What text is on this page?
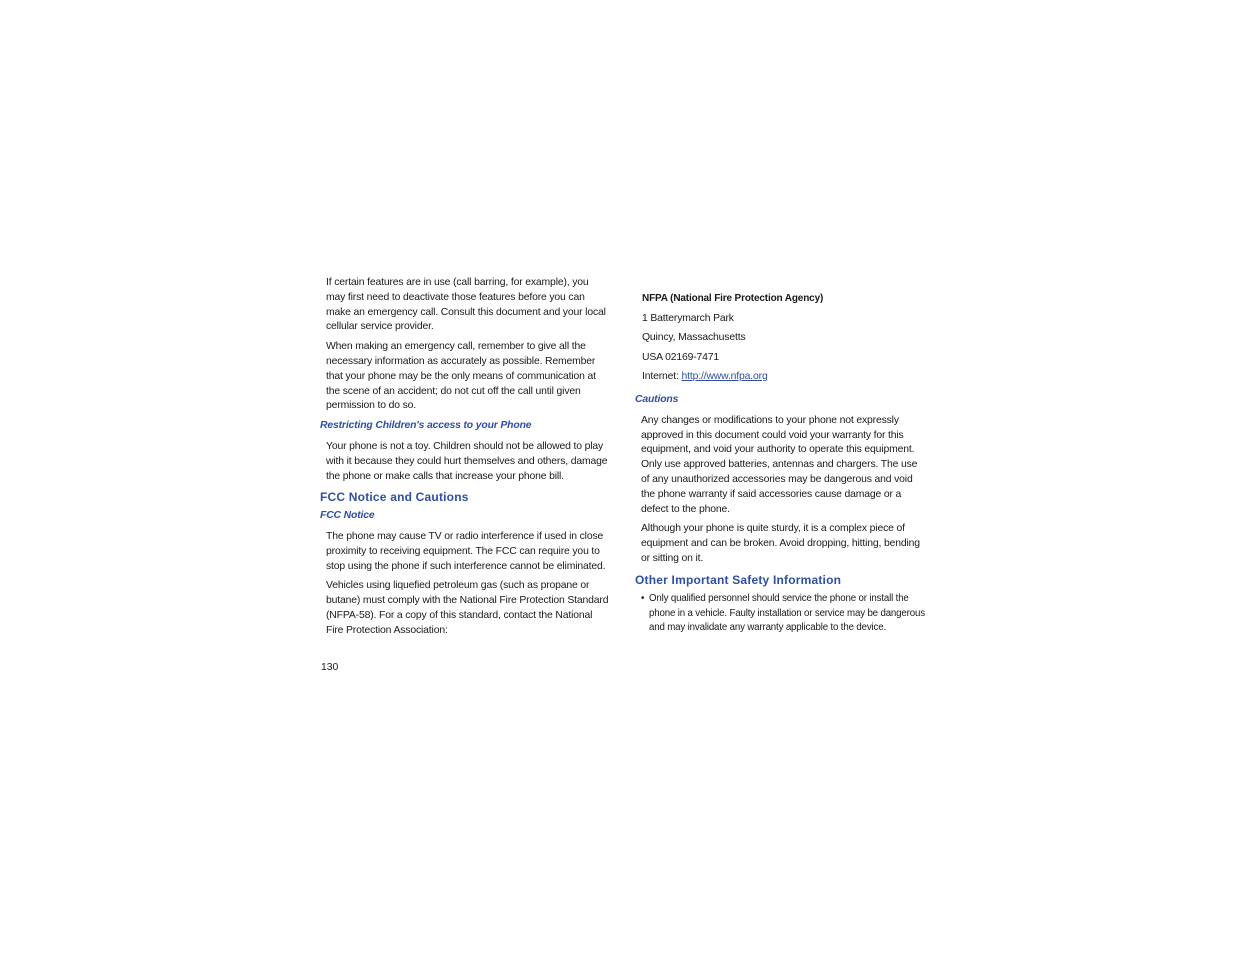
If certain features are in use (call barring, for example), you may first need to deactivate those features before you can make an emergency call. Consult this document and your local cellular service provider.

When making an emergency call, remember to give all the necessary information as accurately as possible. Remember that your phone may be the only means of communication at the scene of an accident; do not cut off the call until given permission to do so.

Restricting Children's access to your Phone

Your phone is not a toy. Children should not be allowed to play with it because they could hurt themselves and others, damage the phone or make calls that increase your phone bill.

FCC Notice and Cautions
FCC Notice

The phone may cause TV or radio interference if used in close proximity to receiving equipment. The FCC can require you to stop using the phone if such interference cannot be eliminated.

Vehicles using liquefied petroleum gas (such as propane or butane) must comply with the National Fire Protection Standard (NFPA-58). For a copy of this standard, contact the National Fire Protection Association:

NFPA (National Fire Protection Agency)
1 Batterymarch Park
Quincy, Massachusetts
USA 02169-7471
Internet: http://www.nfpa.org
Cautions

Any changes or modifications to your phone not expressly approved in this document could void your warranty for this equipment, and void your authority to operate this equipment. Only use approved batteries, antennas and chargers. The use of any unauthorized accessories may be dangerous and void the phone warranty if said accessories cause damage or a defect to the phone.

Although your phone is quite sturdy, it is a complex piece of equipment and can be broken. Avoid dropping, hitting, bending or sitting on it.

Other Important Safety Information
• Only qualified personnel should service the phone or install the phone in a vehicle. Faulty installation or service may be dangerous and may invalidate any warranty applicable to the device.
130
